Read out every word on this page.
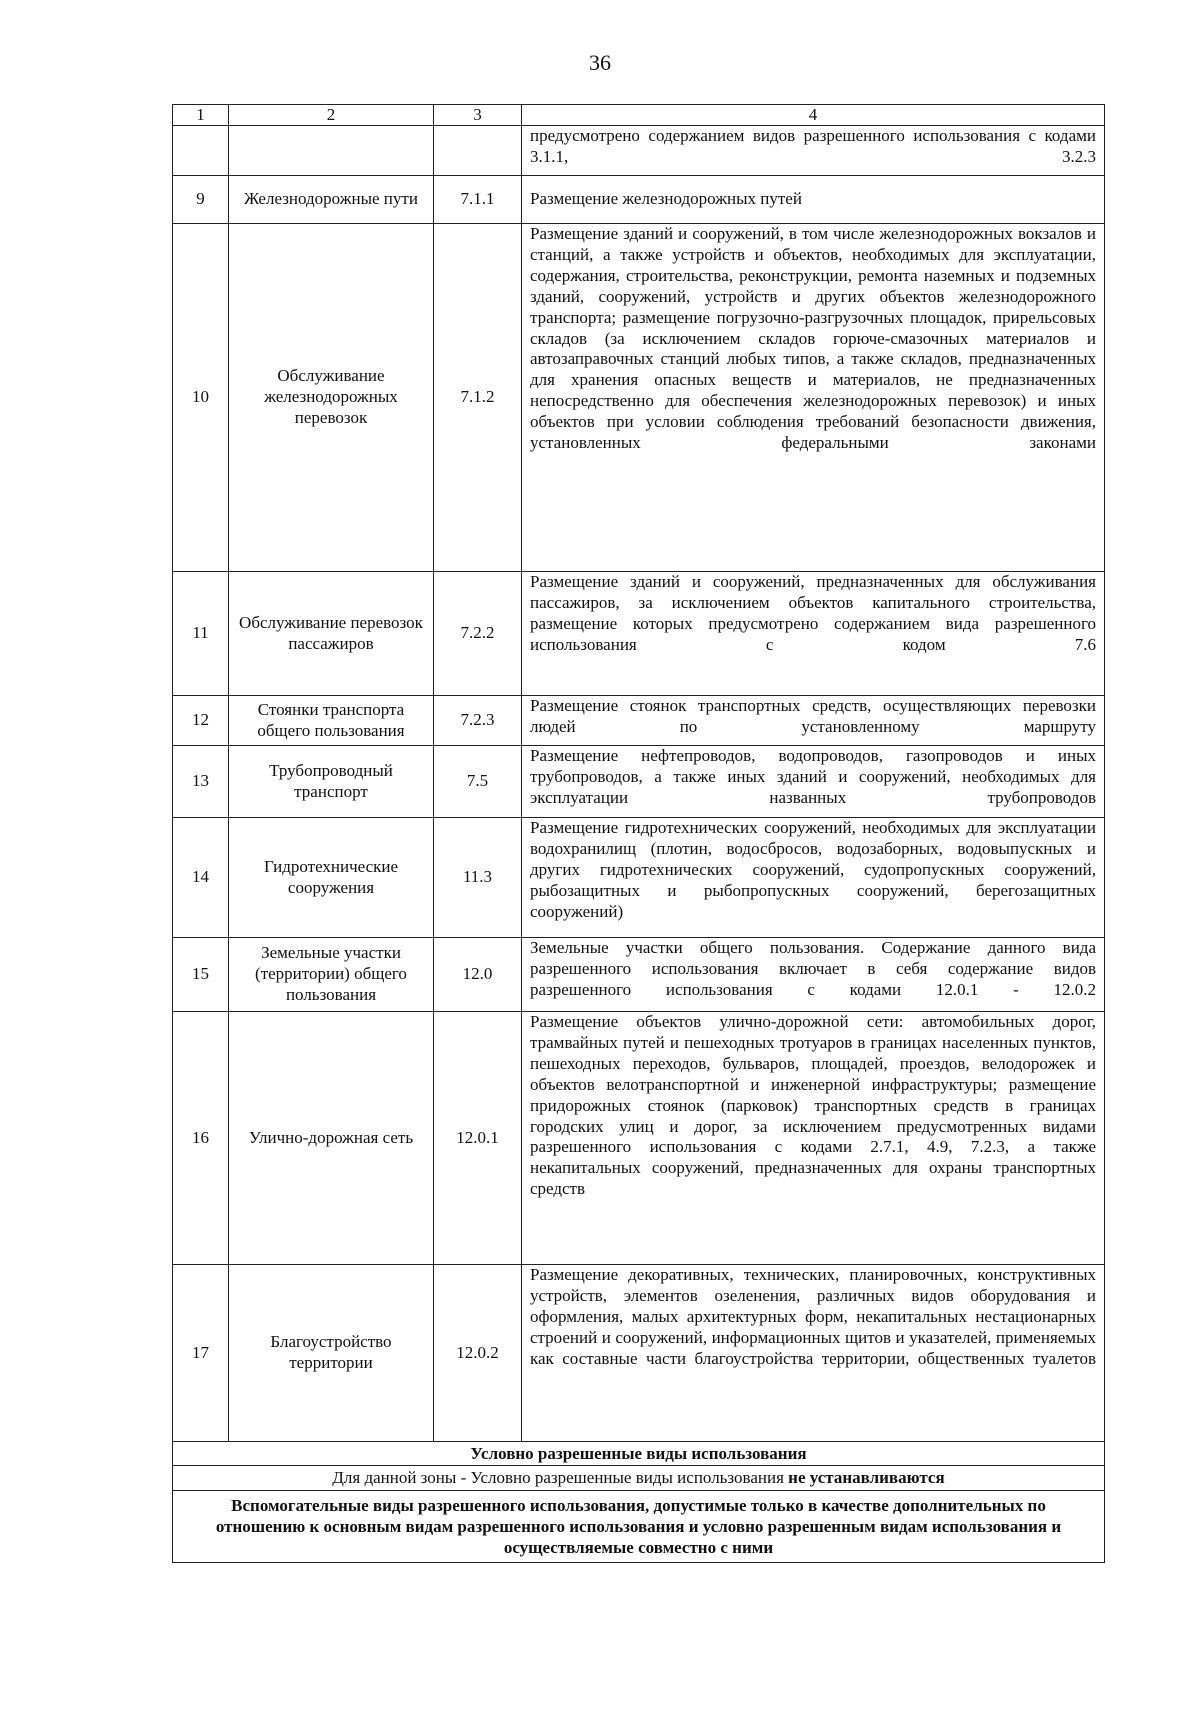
36
1	2	3	4
			предусмотрено содержанием видов разрешенного использования с кодами 3.1.1, 3.2.3
9	Железнодорожные пути	7.1.1	Размещение железнодорожных путей
10	Обслуживание железнодорожных перевозок	7.1.2	Размещение зданий и сооружений, в том числе железнодорожных вокзалов и станций, а также устройств и объектов, необходимых для эксплуатации, содержания, строительства, реконструкции, ремонта наземных и подземных зданий, сооружений, устройств и других объектов железнодорожного транспорта; размещение погрузочно-разгрузочных площадок, прирельсовых складов (за исключением складов горюче-смазочных материалов и автозаправочных станций любых типов, а также складов, предназначенных для хранения опасных веществ и материалов, не предназначенных непосредственно для обеспечения железнодорожных перевозок) и иных объектов при условии соблюдения требований безопасности движения, установленных федеральными законами
11	Обслуживание перевозок пассажиров	7.2.2	Размещение зданий и сооружений, предназначенных для обслуживания пассажиров, за исключением объектов капитального строительства, размещение которых предусмотрено содержанием вида разрешенного использования с кодом 7.6
12	Стоянки транспорта общего пользования	7.2.3	Размещение стоянок транспортных средств, осуществляющих перевозки людей по установленному маршруту
13	Трубопроводный транспорт	7.5	Размещение нефтепроводов, водопроводов, газопроводов и иных трубопроводов, а также иных зданий и сооружений, необходимых для эксплуатации названных трубопроводов
14	Гидротехнические сооружения	11.3	Размещение гидротехнических сооружений, необходимых для эксплуатации водохранилищ (плотин, водосбросов, водозаборных, водовыпускных и других гидротехнических сооружений, судопропускных сооружений, рыбозащитных и рыбопропускных сооружений, берегозащитных сооружений)
15	Земельные участки (территории) общего пользования	12.0	Земельные участки общего пользования. Содержание данного вида разрешенного использования включает в себя содержание видов разрешенного использования с кодами 12.0.1 - 12.0.2
16	Улично-дорожная сеть	12.0.1	Размещение объектов улично-дорожной сети: автомобильных дорог, трамвайных путей и пешеходных тротуаров в границах населенных пунктов, пешеходных переходов, бульваров, площадей, проездов, велодорожек и объектов велотранспортной и инженерной инфраструктуры; размещение придорожных стоянок (парковок) транспортных средств в границах городских улиц и дорог, за исключением предусмотренных видами разрешенного использования с кодами 2.7.1, 4.9, 7.2.3, а также некапитальных сооружений, предназначенных для охраны транспортных средств
17	Благоустройство территории	12.0.2	Размещение декоративных, технических, планировочных, конструктивных устройств, элементов озеленения, различных видов оборудования и оформления, малых архитектурных форм, некапитальных нестационарных строений и сооружений, информационных щитов и указателей, применяемых как составные части благоустройства территории, общественных туалетов
Условно разрешенные виды использования			
Для данной зоны - Условно разрешенные виды использования не устанавливаются			
Вспомогательные виды разрешенного использования, допустимые только в качестве дополнительных по отношению к основным видам разрешенного использования и условно разрешенным видам использования и осуществляемые совместно с ними			
